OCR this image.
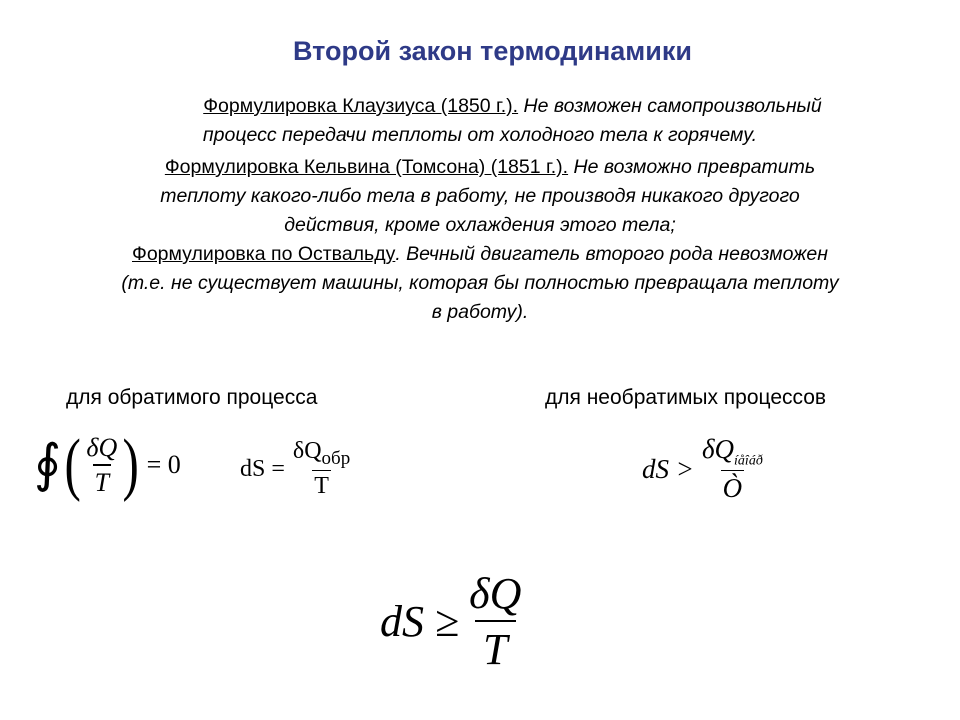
Второй закон термодинамики
Формулировка Клаузиуса (1850 г.). Не возможен самопроизвольный
процесс передачи теплоты от холодного тела к горячему.
Формулировка Кельвина (Томсона) (1851 г.). Не возможно превратить
теплоту какого-либо тела в работу, не производя никакого другого
действия, кроме охлаждения этого тела;
Формулировка по Оствальду. Вечный двигатель второго рода невозможен
(т.е. не существует машины, которая бы полностью превращала теплоту
в работу).
для обратимого процесса	для необратимых процессов
∮ ( $\frac{\delta Q}{T}$ ) = 0 dS = $\frac{\delta Q_{обр}}{T}$	dS > $\frac{\delta Q_{íåîáð}}{Ò}$
dS ≥ $\frac{\delta Q}{T}$
